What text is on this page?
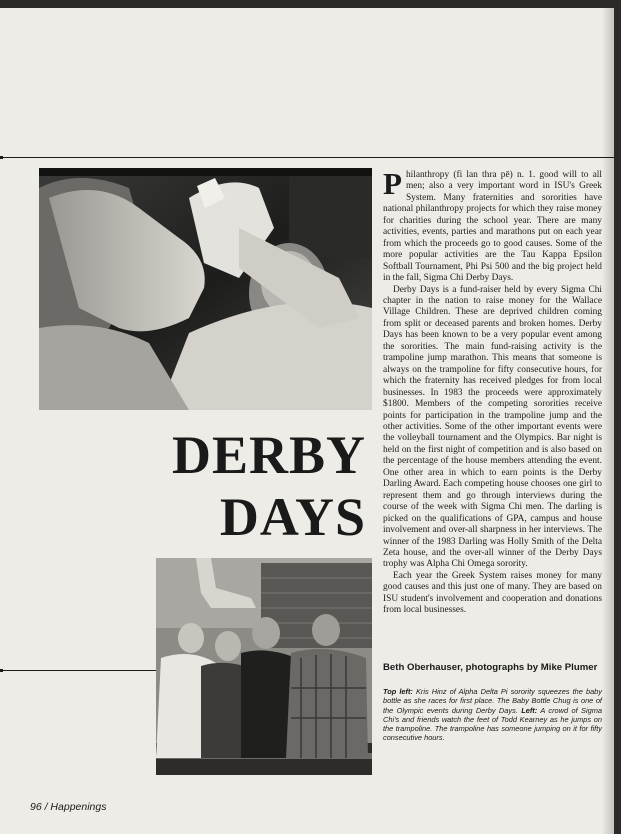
DERBY
DAYS

Philanthropy (fi lan thra pē) n. 1. good will to all men; also a very important word in ISU's Greek System. Many fraternities and sororities have national philanthropy projects for which they raise money for charities during the school year. There are many activities, events, parties and marathons put on each year from which the proceeds go to good causes. Some of the more popular activities are the Tau Kappa Epsilon Softball Tournament, Phi Psi 500 and the big project held in the fall, Sigma Chi Derby Days.

Derby Days is a fund-raiser held by every Sigma Chi chapter in the nation to raise money for the Wallace Village Children. These are deprived children coming from split or deceased parents and broken homes. Derby Days has been known to be a very popular event among the sororities. The main fund-raising activity is the trampoline jump marathon. This means that someone is always on the trampoline for fifty consecutive hours, for which the fraternity has received pledges for from local businesses. In 1983 the proceeds were approximately $1800. Members of the competing sororities receive points for participation in the trampoline jump and the other activities. Some of the other important events were the volleyball tournament and the Olympics. Bar night is held on the first night of competition and is also based on the percentage of the house members attending the event. One other area in which to earn points is the Derby Darling Award. Each competing house chooses one girl to represent them and go through interviews during the course of the week with Sigma Chi men. The darling is picked on the qualifications of GPA, campus and house involvement and over-all sharpness in her interviews. The winner of the 1983 Darling was Holly Smith of the Delta Zeta house, and the over-all winner of the Derby Days trophy was Alpha Chi Omega sorority.

Each year the Greek System raises money for many good causes and this just one of many. They are based on ISU student's involvement and cooperation and donations from local businesses.

Beth Oberhauser, photographs by Mike Plumer
Top left: Kris Hinz of Alpha Delta Pi sorority squeezes the baby bottle as she races for first place. The Baby Bottle Chug is one of the Olympic events during Derby Days. Left: A crowd of Sigma Chi's and friends watch the feet of Todd Kearney as he jumps on the trampoline. The trampoline has someone jumping on it for fifty consecutive hours.
96 / Happenings
